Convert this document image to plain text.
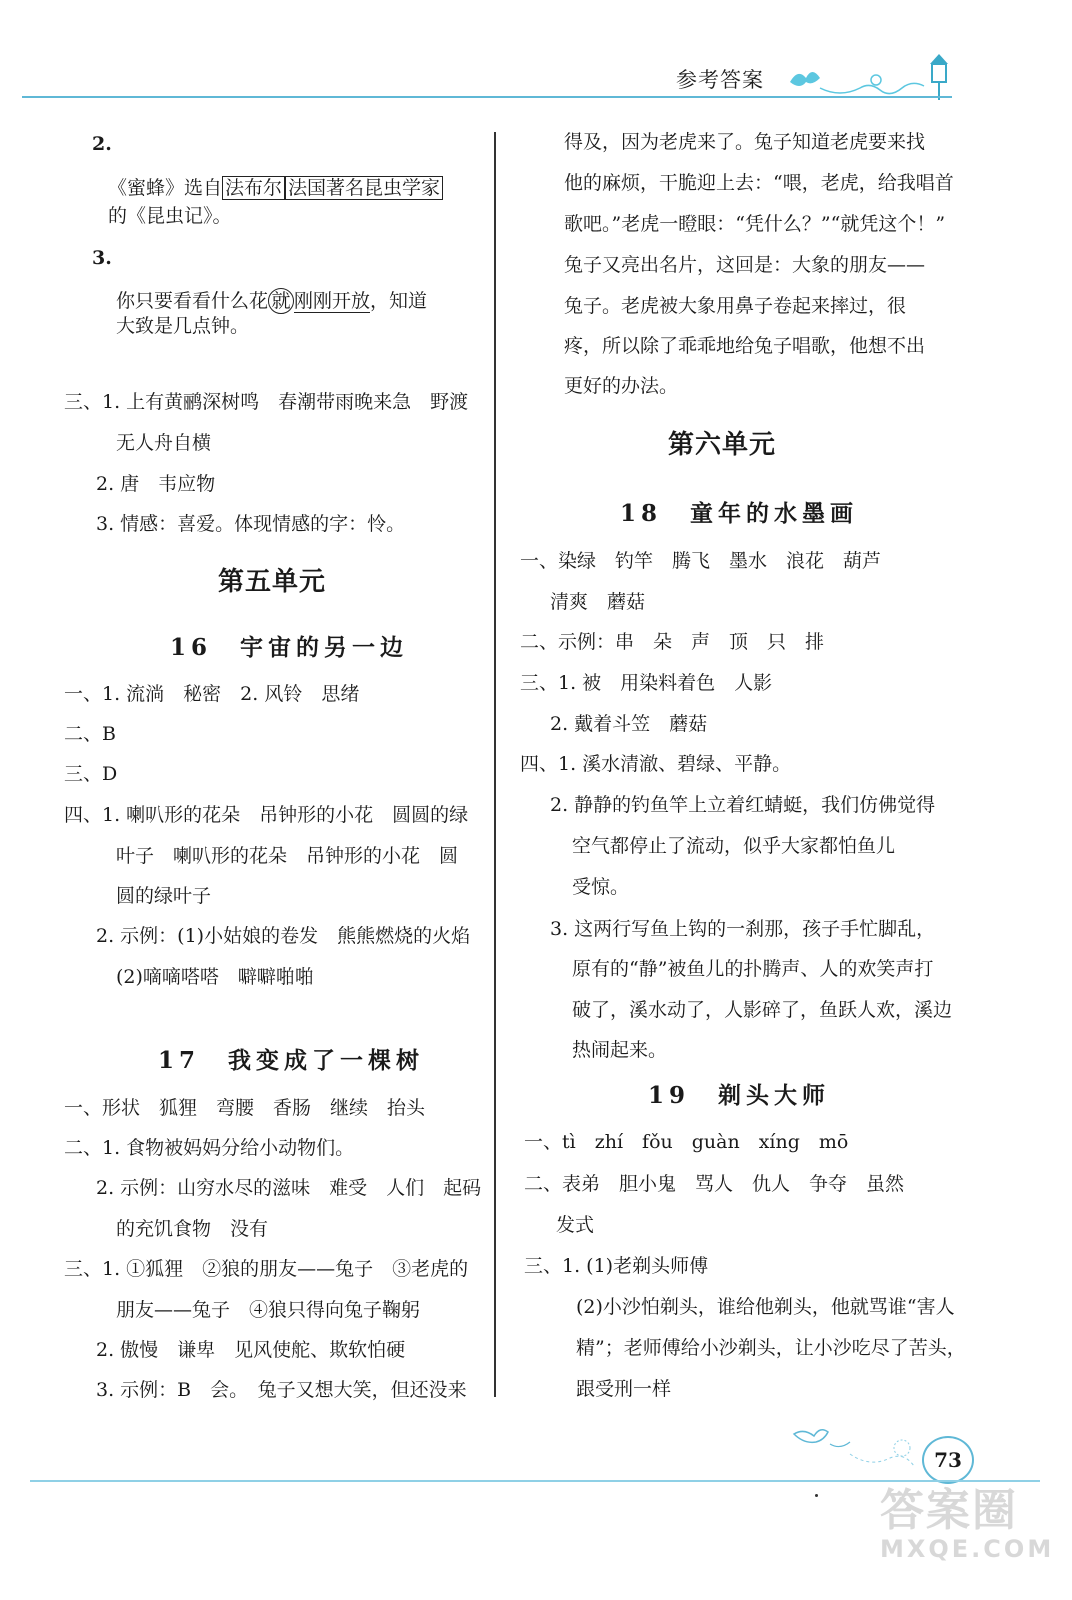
参考答案
2.
《蜜蜂》选自 法布尔 法国著名昆虫学家
的《昆虫记》。
3.
你只要看看什么花 就 刚刚开放，知道
大致是几点钟。
三、1. 上有黄鹂深树鸣　春潮带雨晚来急　野渡
无人舟自横
2. 唐　韦应物
3. 情感：喜爱。体现情感的字：怜。
第五单元
16　宇宙的另一边
一、1. 流淌　秘密　2. 风铃　思绪
二、B
三、D
四、1. 喇叭形的花朵　吊钟形的小花　圆圆的绿
叶子　喇叭形的花朵　吊钟形的小花　圆
圆的绿叶子
2. 示例：(1)小姑娘的卷发　熊熊燃烧的火焰
(2)嘀嘀嗒嗒　噼噼啪啪
17　我变成了一棵树
一、形状　狐狸　弯腰　香肠　继续　抬头
二、1. 食物被妈妈分给小动物们。
2. 示例：山穷水尽的滋味　难受　人们　起码
的充饥食物　没有
三、1. ①狐狸　②狼的朋友——兔子　③老虎的
朋友——兔子　④狼只得向兔子鞠躬
2. 傲慢　谦卑　见风使舵、欺软怕硬
3. 示例：B　会。　兔子又想大笑，但还没来
得及，因为老虎来了。兔子知道老虎要来找
他的麻烦，干脆迎上去：“喂，老虎，给我唱首
歌吧。”老虎一瞪眼：“凭什么？”“就凭这个！”
兔子又亮出名片，这回是：大象的朋友——
兔子。老虎被大象用鼻子卷起来摔过，很
疼，所以除了乖乖地给兔子唱歌，他想不出
更好的办法。
第六单元
18　童年的水墨画
一、染绿　钓竿　腾飞　墨水　浪花　葫芦
清爽　蘑菇
二、示例：串　朵　声　顶　只　排
三、1. 被　用染料着色　人影
2. 戴着斗笠　蘑菇
四、1. 溪水清澈、碧绿、平静。
2. 静静的钓鱼竿上立着红蜻蜓，我们仿佛觉得
空气都停止了流动，似乎大家都怕鱼儿
受惊。
3. 这两行写鱼上钩的一刹那，孩子手忙脚乱，
原有的“静”被鱼儿的扑腾声、人的欢笑声打
破了，溪水动了，人影碎了，鱼跃人欢，溪边
热闹起来。
19　剃头大师
一、tì　zhí　fǒu　guàn　xíng　mō
二、表弟　胆小鬼　骂人　仇人　争夺　虽然
发式
三、1. (1)老剃头师傅
(2)小沙怕剃头，谁给他剃头，他就骂谁“害人
精”；老师傅给小沙剃头，让小沙吃尽了苦头，
跟受刑一样
73
答案圈
MXQE.COM
